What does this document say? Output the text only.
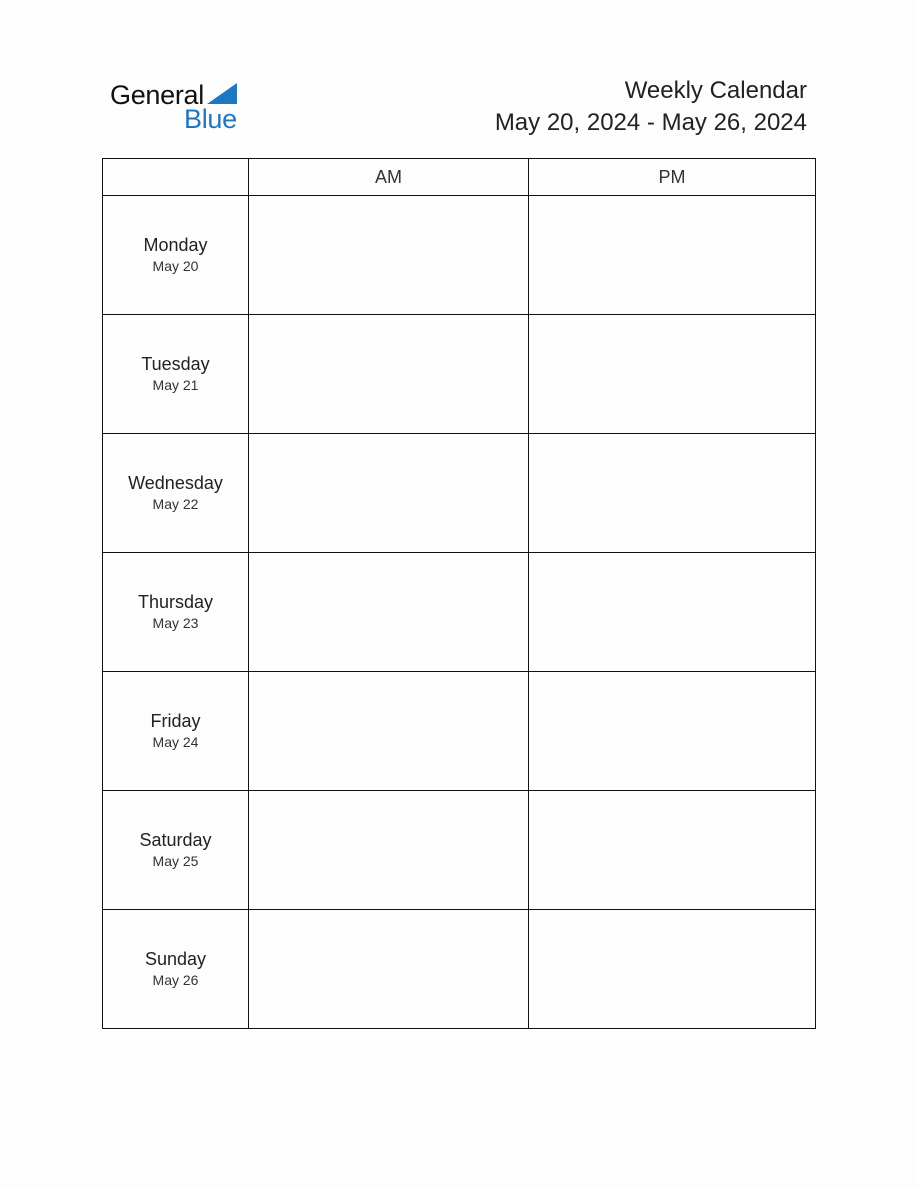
General
Blue
Weekly Calendar
May 20, 2024 - May 26, 2024
	AM	PM

Monday
May 20		

Tuesday
May 21		

Wednesday
May 22		

Thursday
May 23		

Friday
May 24		

Saturday
May 25		

Sunday
May 26		
